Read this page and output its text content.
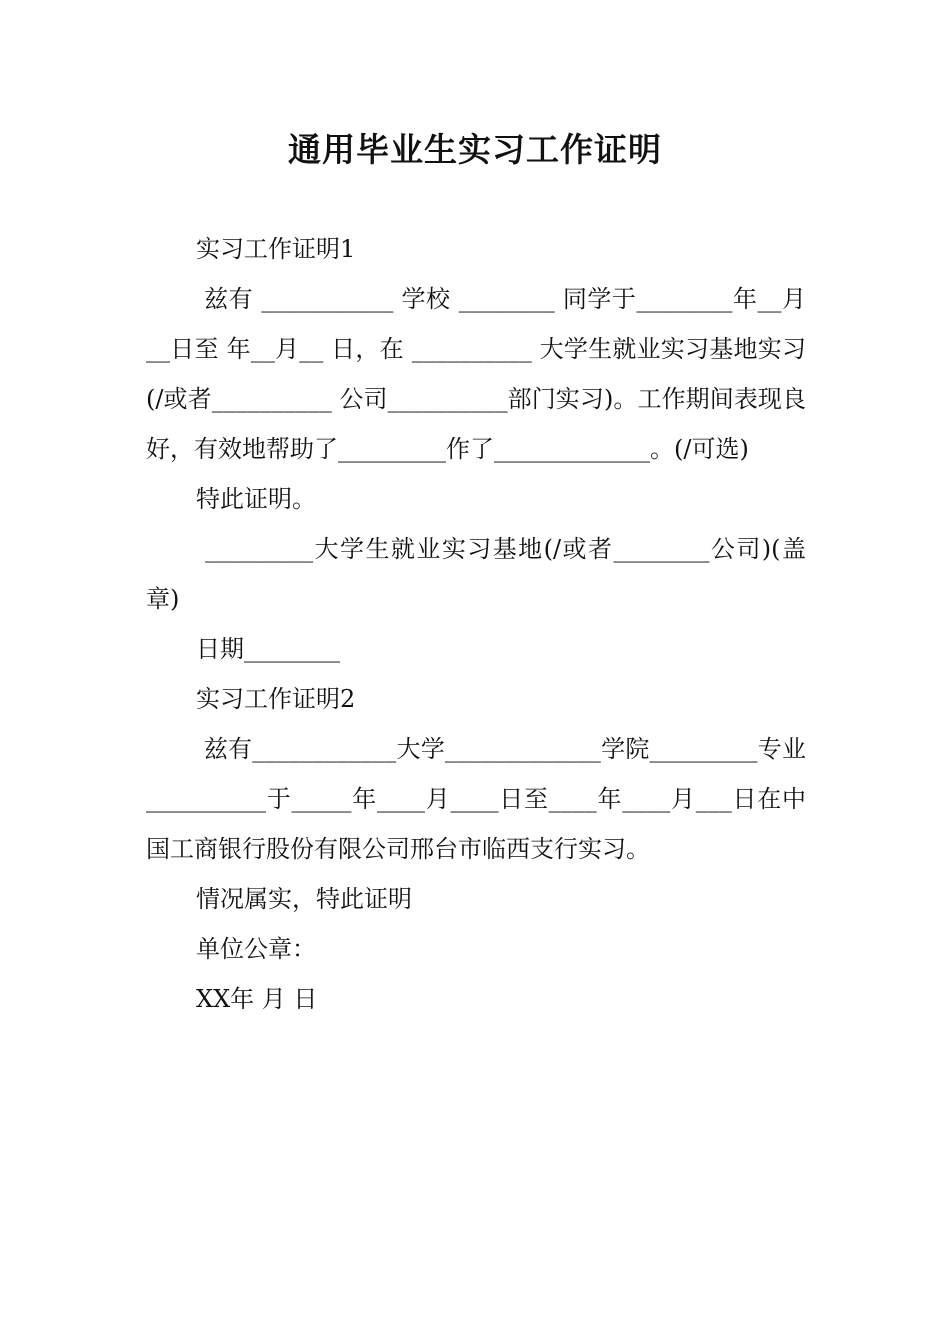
通用毕业生实习工作证明

实习工作证明1

兹有 ___________ 学校 ________ 同学于________年__月__日至 年__月__ 日，在 __________ 大学生就业实习基地实习(/或者__________ 公司__________部门实习)。工作期间表现良好，有效地帮助了_________作了_____________。(/可选)

特此证明。

_________大学生就业实习基地(/或者________公司)(盖章)

日期________

实习工作证明2

兹有____________大学_____________学院_________专业__________于_____年____月____日至____年____月___日在中国工商银行股份有限公司邢台市临西支行实习。

情况属实，特此证明

单位公章：

XX年 月 日
